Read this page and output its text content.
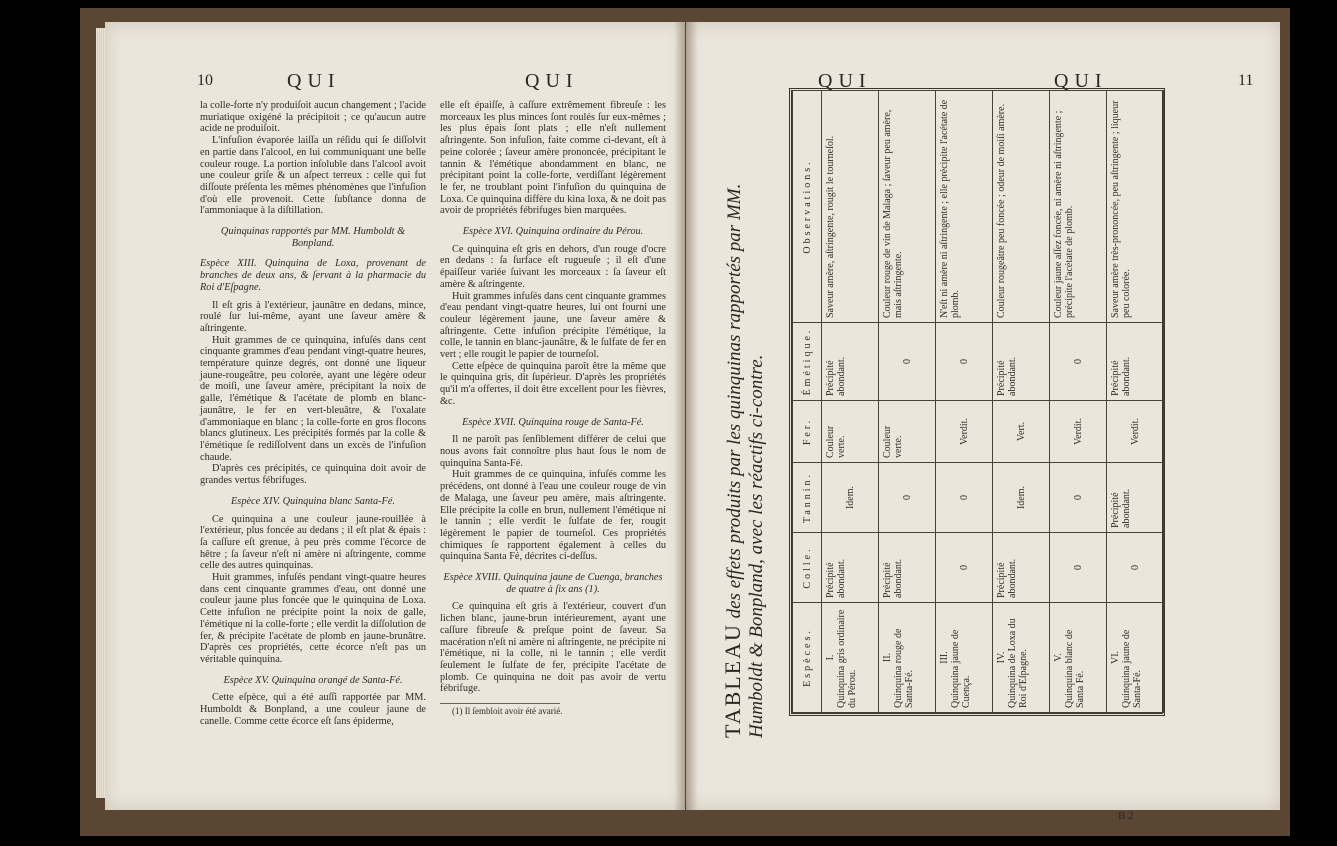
10	QUI	QUI

la colle-forte n'y produiſoit aucun changement ; l'acide muriatique oxigéné la précipitoit ; ce qu'aucun autre acide ne produiſoit.

L'infuſion évaporée laiſſa un réſidu qui ſe diſſolvit en partie dans l'alcool, en lui communiquant une belle couleur rouge. La portion inſoluble dans l'alcool avoit une couleur griſe & un aſpect terreux : celle qui fut diſſoute préſenta les mêmes phénomènes que l'infuſion d'où elle provenoit. Cette ſubſtance donna de l'ammoniaque à la diſtillation.

Quinquinas rapportés par MM. Humboldt & Bonpland.

Espèce XIII. Quinquina de Loxa, provenant de branches de deux ans, & ſervant à la pharmacie du Roi d'Eſpagne.

Il eſt gris à l'extérieur, jaunâtre en dedans, mince, roulé ſur lui-même, ayant une ſaveur amère & aſtringente.

Huit grammes de ce quinquina, infuſés dans cent cinquante grammes d'eau pendant vingt-quatre heures, température quinze degrés, ont donné une liqueur jaune-rougeâtre, peu colorée, ayant une légère odeur de moiſi, une ſaveur amère, précipitant la noix de galle, l'émétique & l'acétate de plomb en blanc-jaunâtre, le fer en vert-bleuâtre, & l'oxalate d'ammoniaque en blanc ; la colle-forte en gros flocons blancs glutineux. Les précipités formés par la colle & l'émétique ſe rediſſolvent dans un excès de l'infuſion chaude.

D'après ces précipités, ce quinquina doit avoir de grandes vertus fébrifuges.

Espèce XIV. Quinquina blanc Santa-Fé.

Ce quinquina a une couleur jaune-rouillée à l'extérieur, plus foncée au dedans ; il eſt plat & épais : ſa caſſure eſt grenue, à peu près comme l'écorce de hêtre ; ſa ſaveur n'eſt ni amère ni aſtringente, comme celle des autres quinquinas.

Huit grammes, infuſés pendant vingt-quatre heures dans cent cinquante grammes d'eau, ont donné une couleur jaune plus foncée que le quinquina de Loxa. Cette infuſion ne précipite point la noix de galle, l'émétique ni la colle-forte ; elle verdit la diſſolution de fer, & précipite l'acétate de plomb en jaune-brunâtre. D'après ces propriétés, cette écorce n'eſt pas un véritable quinquina.

Espèce XV. Quinquina orangé de Santa-Fé.

Cette eſpèce, qui a été auſſi rapportée par MM. Humboldt & Bonpland, a une couleur jaune de canelle. Comme cette écorce eſt ſans épiderme,

elle eſt épaiſſe, à caſſure extrêmement fibreuſe : les morceaux les plus minces ſont roulés ſur eux-mêmes ; les plus épais ſont plats ; elle n'eſt nullement aſtringente. Son infuſion, faite comme ci-devant, eſt à peine colorée ; ſaveur amère prononcée, précipitant le tannin & l'émétique abondamment en blanc, ne précipitant point la colle-forte, verdiſſant légèrement le fer, ne troublant point l'infuſion du quinquina de Loxa. Ce quinquina diffère du kina loxa, & ne doit pas avoir de propriétés fébrifuges bien marquées.

Espèce XVI. Quinquina ordinaire du Pérou.

Ce quinquina eſt gris en dehors, d'un rouge d'ocre en dedans : ſa ſurface eſt rugueuſe ; il eſt d'une épaiſſeur variée ſuivant les morceaux : ſa ſaveur eſt amère & aſtringente.

Huit grammes infuſés dans cent cinquante grammes d'eau pendant vingt-quatre heures, lui ont fourni une couleur légèrement jaune, une ſaveur amère & aſtringente. Cette infuſion précipite l'émétique, la colle, le tannin en blanc-jaunâtre, & le ſulfate de fer en vert ; elle rougit le papier de tourneſol.

Cette eſpèce de quinquina paroît être la même que le quinquina gris, dit ſupérieur. D'après les propriétés qu'il m'a offertes, il doit être excellent pour les fièvres, &c.

Espèce XVII. Quinquina rouge de Santa-Fé.

Il ne paroît pas ſenſiblement différer de celui que nous avons fait connoître plus haut ſous le nom de quinquina Santa-Fé.

Huit grammes de ce quinquina, infuſés comme les précédens, ont donné à l'eau une couleur rouge de vin de Malaga, une ſaveur peu amère, mais aſtringente. Elle précipite la colle en brun, nullement l'émétique ni le tannin ; elle verdit le ſulfate de fer, rougit légèrement le papier de tourneſol. Ces propriétés chimiques ſe rapportent également à celles du quinquina Santa Fé, décrites ci-deſſus.

Espèce XVIII. Quinquina jaune de Cuenga, branches de quatre à ſix ans (1).

Ce quinquina eſt gris à l'extérieur, couvert d'un lichen blanc, jaune-brun intérieurement, ayant une caſſure fibreuſe & preſque point de ſaveur. Sa macération n'eſt ni amère ni aſtringente, ne précipite ni l'émétique, ni la colle, ni le tannin ; elle verdit ſeulement le ſulfate de fer, précipite l'acétate de plomb. Ce quinquina ne doit pas avoir de vertu fébrifuge.

(1) Il ſembloit avoir été avarié.

QUI	QUI	11
TABLEAU des effets produits par les quinquinas rapportés par MM. Humboldt & Bonpland, avec les réactifs ci-contre.	Espèces.	Colle.	Tannin.	Fer.	Émétique.	Observations.

I. Quinquina gris ordinaire du Pérou.	Précipité abondant.	Idem.	Couleur verte.	Précipité abondant.	Saveur amère, aſtringente, rougit le tourneſol.

II. Quinquina rouge de Santa-Fé.	Précipité abondant.	0	Couleur verte.	0	Couleur rouge de vin de Malaga ; ſaveur peu amère, mais aſtringente.

III. Quinquina jaune de Cuença.	0	0	Verdit.	0	N'eſt ni amère ni aſtringente ; elle précipite l'acétate de plomb.

IV. Quinquina de Loxa du Roi d'Eſpagne.	Précipité abondant.	Idem.	Vert.	Précipité abondant.	Couleur rougeâtre peu foncée ; odeur de moiſi amère.

V. Quinquina blanc de Santa Fé.	0	0	Verdit.	0	Couleur jaune aſſez foncée, ni amère ni aſtringente ; précipite l'acétate de plomb.

VI. Quinquina jaune de Santa-Fé.	0	Précipité abondant.	Verdit.	Précipité abondant.	Saveur amère très-prononcée, peu aſtringente ; liqueur peu colorée.
B 2
